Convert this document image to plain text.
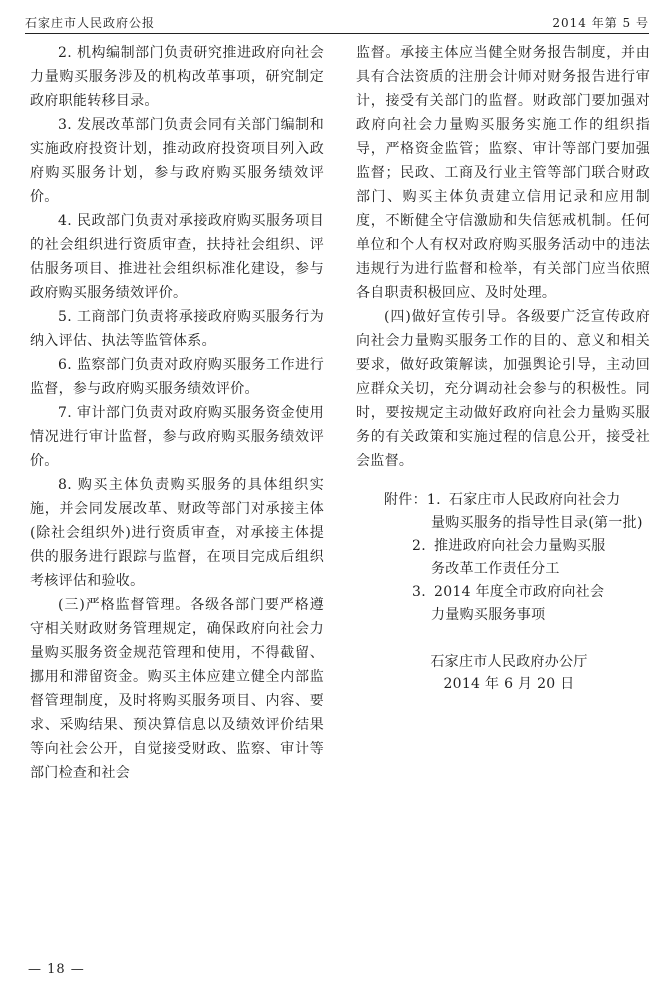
石家庄市人民政府公报	2014 年第 5 号

2. 机构编制部门负责研究推进政府向社会力量购买服务涉及的机构改革事项，研究制定政府职能转移目录。

3. 发展改革部门负责会同有关部门编制和实施政府投资计划，推动政府投资项目列入政府购买服务计划，参与政府购买服务绩效评价。

4. 民政部门负责对承接政府购买服务项目的社会组织进行资质审查，扶持社会组织、评估服务项目、推进社会组织标准化建设，参与政府购买服务绩效评价。

5. 工商部门负责将承接政府购买服务行为纳入评估、执法等监管体系。

6. 监察部门负责对政府购买服务工作进行监督，参与政府购买服务绩效评价。

7. 审计部门负责对政府购买服务资金使用情况进行审计监督，参与政府购买服务绩效评价。

8. 购买主体负责购买服务的具体组织实施，并会同发展改革、财政等部门对承接主体(除社会组织外)进行资质审查，对承接主体提供的服务进行跟踪与监督，在项目完成后组织考核评估和验收。

(三)严格监督管理。各级各部门要严格遵守相关财政财务管理规定，确保政府向社会力量购买服务资金规范管理和使用，不得截留、挪用和滞留资金。购买主体应建立健全内部监督管理制度，及时将购买服务项目、内容、要求、采购结果、预决算信息以及绩效评价结果等向社会公开，自觉接受财政、监察、审计等部门检查和社会

监督。承接主体应当健全财务报告制度，并由具有合法资质的注册会计师对财务报告进行审计，接受有关部门的监督。财政部门要加强对政府向社会力量购买服务实施工作的组织指导，严格资金监管；监察、审计等部门要加强监督；民政、工商及行业主管等部门联合财政部门、购买主体负责建立信用记录和应用制度，不断健全守信激励和失信惩戒机制。任何单位和个人有权对政府购买服务活动中的违法违规行为进行监督和检举，有关部门应当依照各自职责积极回应、及时处理。

(四)做好宣传引导。各级要广泛宣传政府向社会力量购买服务工作的目的、意义和相关要求，做好政策解读，加强舆论引导，主动回应群众关切，充分调动社会参与的积极性。同时，要按规定主动做好政府向社会力量购买服务的有关政策和实施过程的信息公开，接受社会监督。

附件： 1. 石家庄市人民政府向社会力
量购买服务的指导性目录(第一批)
2. 推进政府向社会力量购买服
务改革工作责任分工
3. 2014 年度全市政府向社会
力量购买服务事项
石家庄市人民政府办公厅
2014 年 6 月 20 日
— 18 —
